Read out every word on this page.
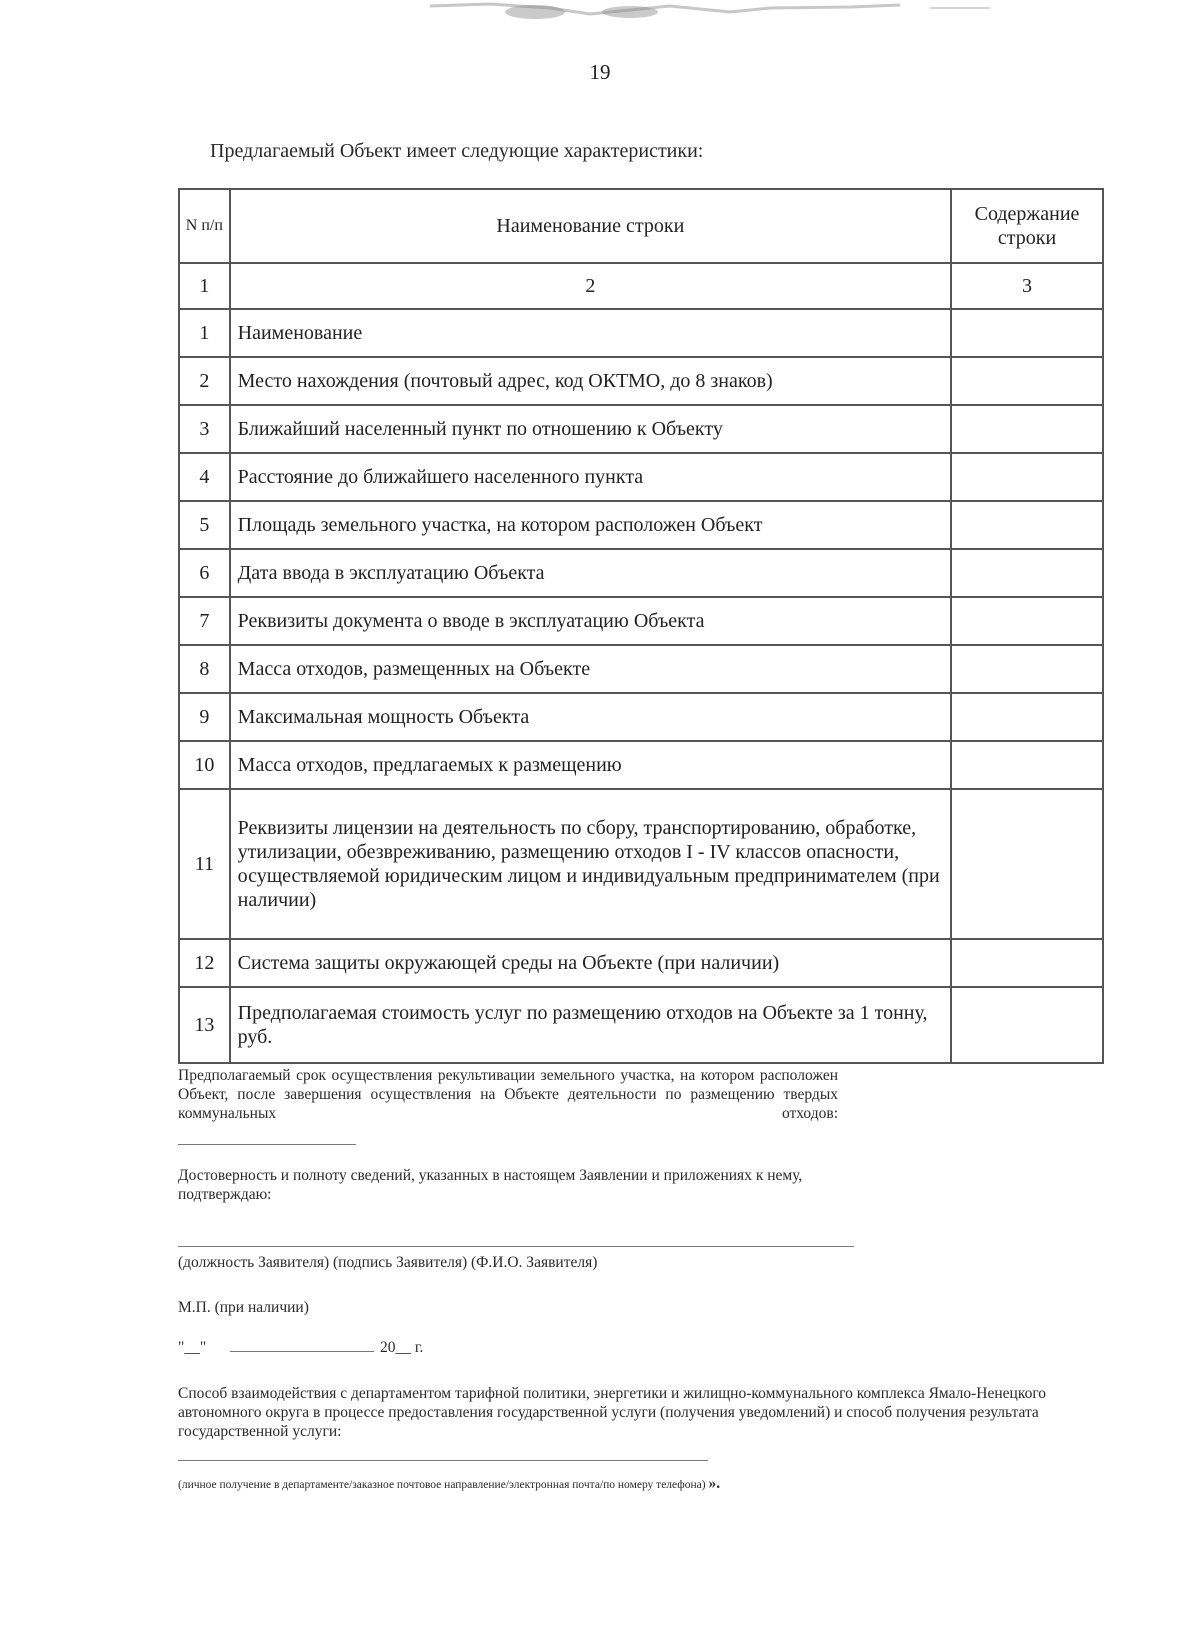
19
Предлагаемый Объект имеет следующие характеристики:
N п/п	Наименование строки	Содержание строки
1	2	3
1	Наименование	
2	Место нахождения (почтовый адрес, код ОКТМО, до 8 знаков)	
3	Ближайший населенный пункт по отношению к Объекту	
4	Расстояние до ближайшего населенного пункта	
5	Площадь земельного участка, на котором расположен Объект	
6	Дата ввода в эксплуатацию Объекта	
7	Реквизиты документа о вводе в эксплуатацию Объекта	
8	Масса отходов, размещенных на Объекте	
9	Максимальная мощность Объекта	
10	Масса отходов, предлагаемых к размещению	
11	Реквизиты лицензии на деятельность по сбору, транспортированию, обработке, утилизации, обезвреживанию, размещению отходов I - IV классов опасности, осуществляемой юридическим лицом и индивидуальным предпринимателем (при наличии)	
12	Система защиты окружающей среды на Объекте (при наличии)	
13	Предполагаемая стоимость услуг по размещению отходов на Объекте за 1 тонну, руб.	
Предполагаемый срок осуществления рекультивации земельного участка, на котором расположен Объект, после завершения осуществления на Объекте деятельности по размещению твердых коммунальных отходов:
Достоверность и полноту сведений, указанных в настоящем Заявлении и приложениях к нему, подтверждаю:
(должность Заявителя) (подпись Заявителя) (Ф.И.О. Заявителя)
М.П. (при наличии)
"__"	20__ г.
Способ взаимодействия с департаментом тарифной политики, энергетики и жилищно-коммунального комплекса Ямало-Ненецкого автономного округа в процессе предоставления государственной услуги (получения уведомлений) и способ получения результата государственной услуги:
(личное получение в департаменте/заказное почтовое направление/электронная почта/по номеру телефона) ».
